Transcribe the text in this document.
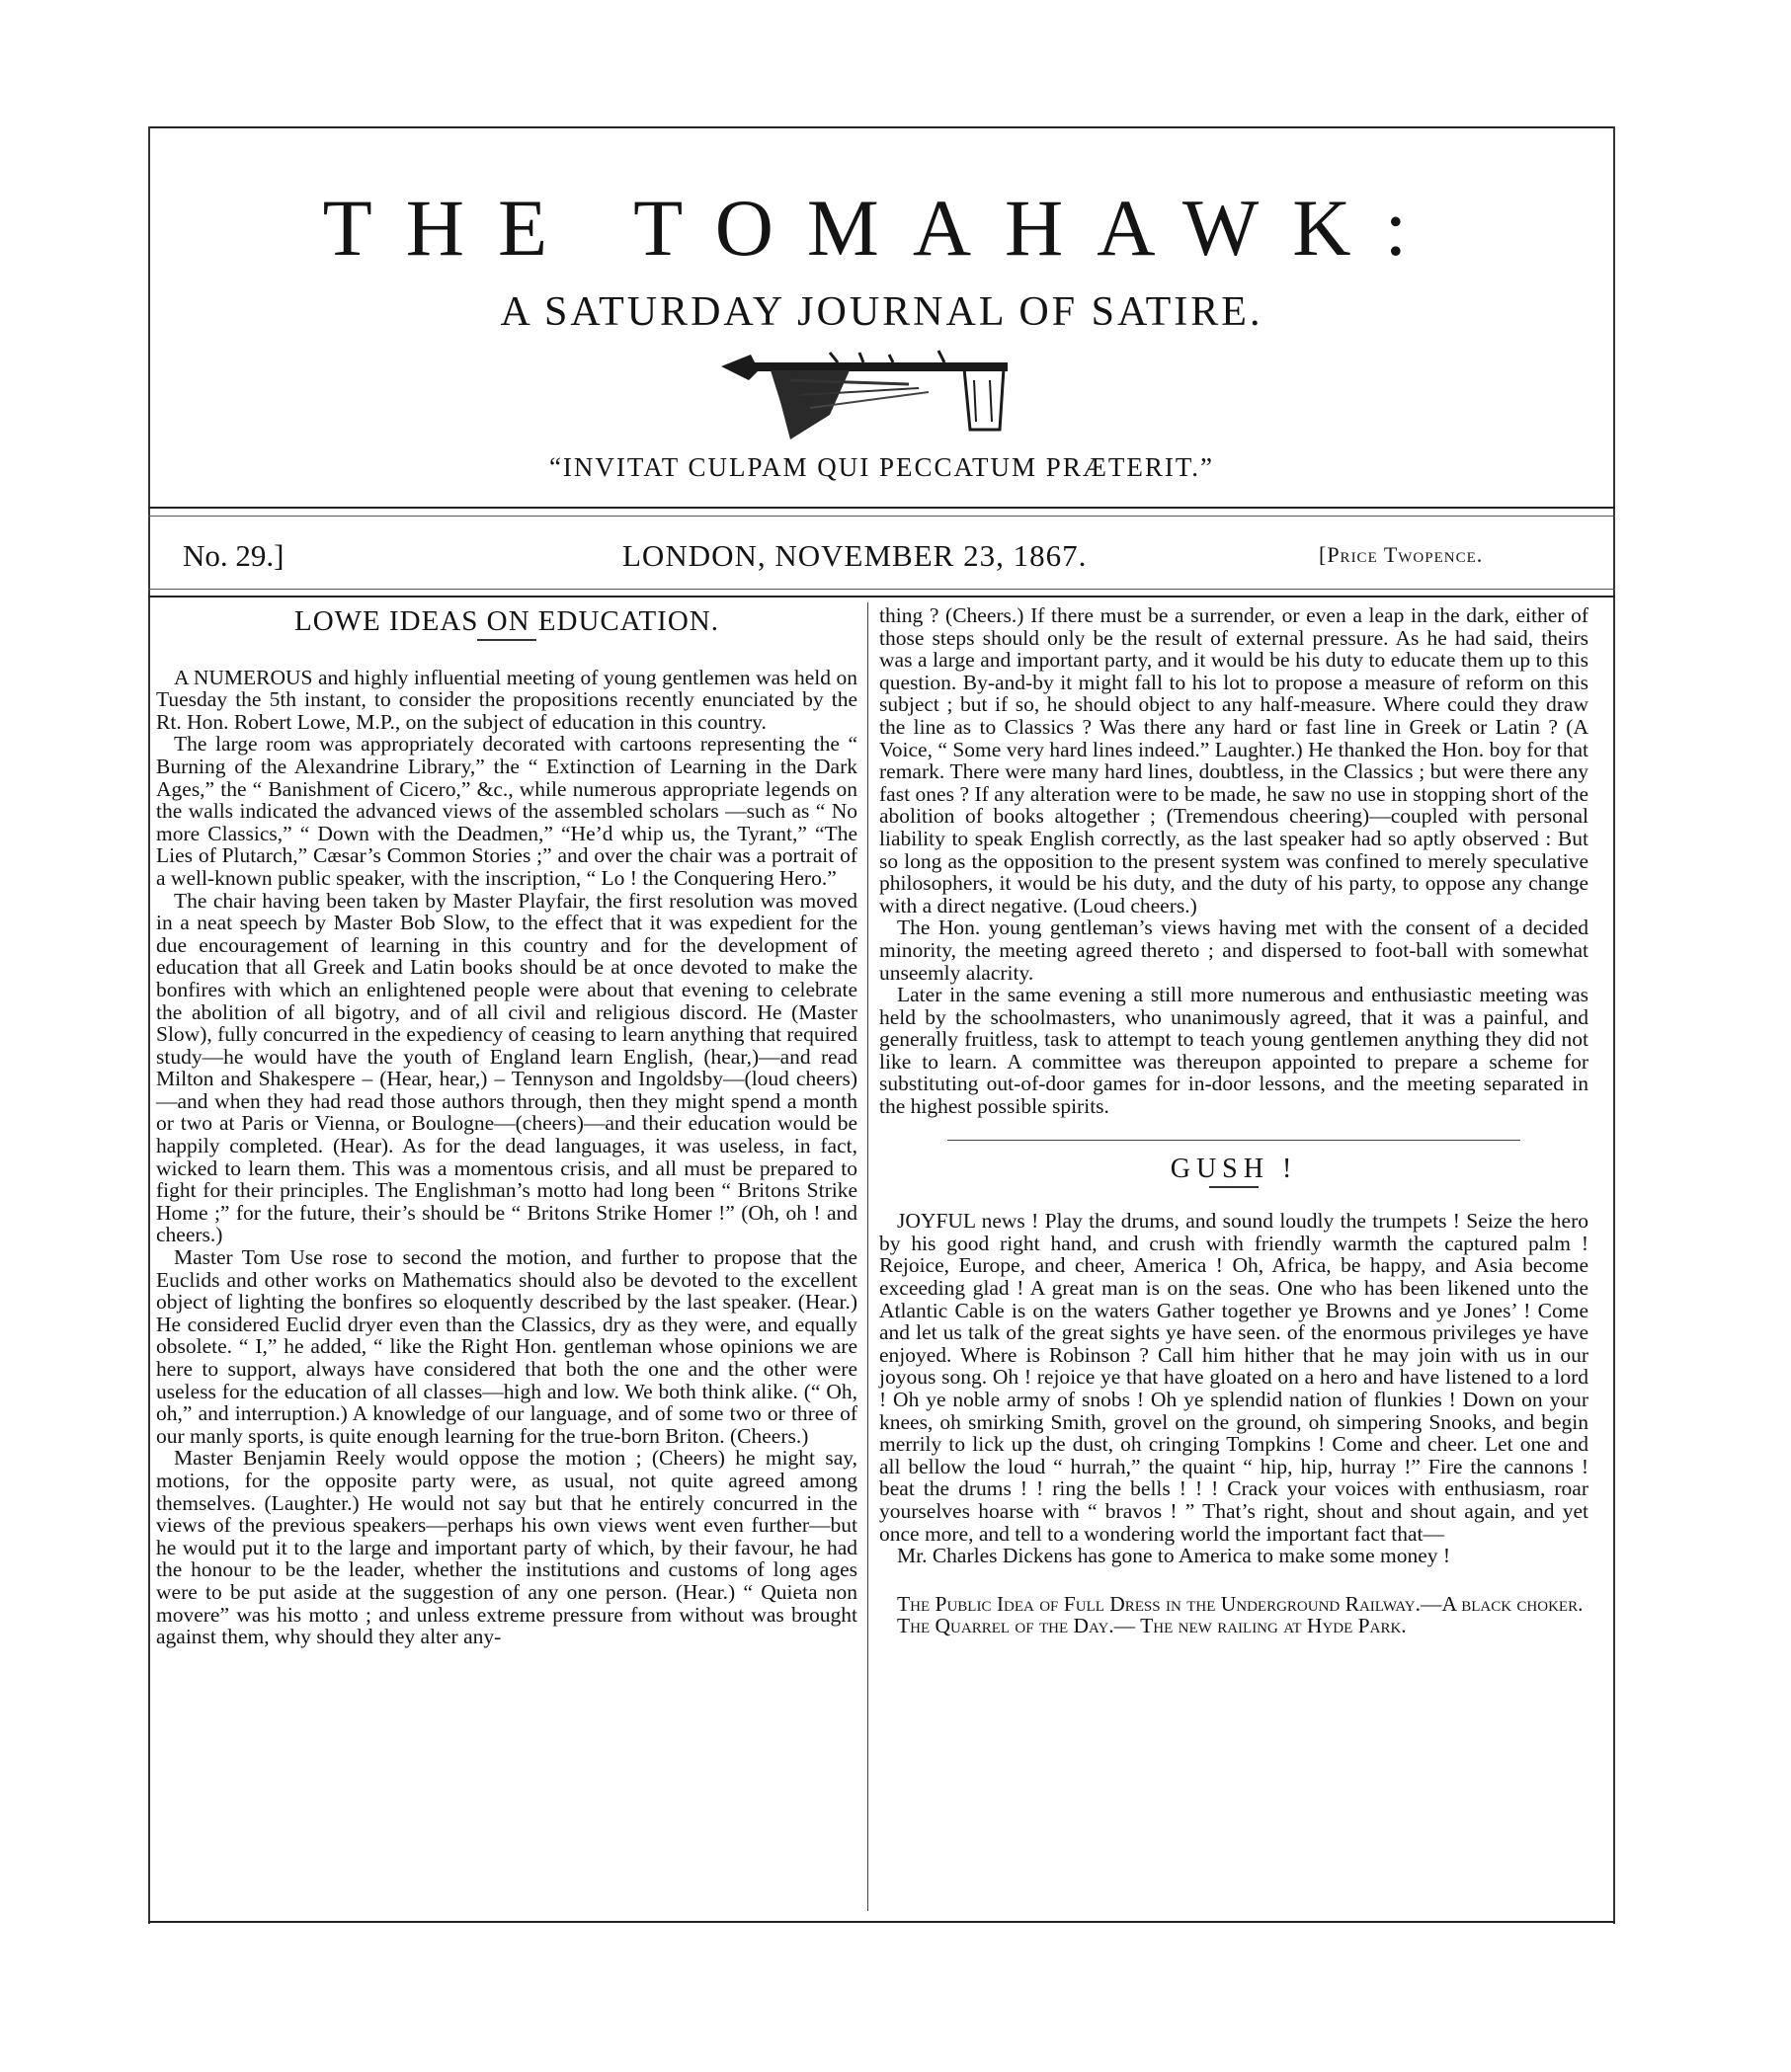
THE TOMAHAWK:
A SATURDAY JOURNAL OF SATIRE.
“INVITAT CULPAM QUI PECCATUM PRÆTERIT.”
No. 29.]	LONDON, NOVEMBER 23, 1867.	[Price Twopence.
LOWE IDEAS ON EDUCATION.

A NUMEROUS and highly influential meeting of young gentlemen was held on Tuesday the 5th instant, to consider the propositions recently enunciated by the Rt. Hon. Robert Lowe, M.P., on the subject of education in this country.

The large room was appropriately decorated with cartoons representing the “ Burning of the Alexandrine Library,” the “ Extinction of Learning in the Dark Ages,” the “ Banishment of Cicero,” &c., while numerous appropriate legends on the walls indicated the advanced views of the assembled scholars —such as “ No more Classics,” “ Down with the Deadmen,” “He’d whip us, the Tyrant,” “The Lies of Plutarch,” Cæsar’s Common Stories ;” and over the chair was a portrait of a well-known public speaker, with the inscription, “ Lo ! the Conquering Hero.”

The chair having been taken by Master Playfair, the first resolution was moved in a neat speech by Master Bob Slow, to the effect that it was expedient for the due encouragement of learning in this country and for the development of education that all Greek and Latin books should be at once devoted to make the bonfires with which an enlightened people were about that evening to celebrate the abolition of all bigotry, and of all civil and religious discord. He (Master Slow), fully concurred in the expediency of ceasing to learn anything that required study—he would have the youth of England learn English, (hear,)—and read Milton and Shakespere – (Hear, hear,) – Tennyson and Ingoldsby—(loud cheers)—and when they had read those authors through, then they might spend a month or two at Paris or Vienna, or Boulogne—(cheers)—and their education would be happily completed. (Hear). As for the dead languages, it was useless, in fact, wicked to learn them. This was a momentous crisis, and all must be prepared to fight for their principles. The Englishman’s motto had long been “ Britons Strike Home ;” for the future, their’s should be “ Britons Strike Homer !” (Oh, oh ! and cheers.)

Master Tom Use rose to second the motion, and further to propose that the Euclids and other works on Mathematics should also be devoted to the excellent object of lighting the bonfires so eloquently described by the last speaker. (Hear.) He considered Euclid dryer even than the Classics, dry as they were, and equally obsolete. “ I,” he added, “ like the Right Hon. gentleman whose opinions we are here to support, always have considered that both the one and the other were useless for the education of all classes—high and low. We both think alike. (“ Oh, oh,” and interruption.) A knowledge of our language, and of some two or three of our manly sports, is quite enough learning for the true-born Briton. (Cheers.)

Master Benjamin Reely would oppose the motion ; (Cheers) he might say, motions, for the opposite party were, as usual, not quite agreed among themselves. (Laughter.) He would not say but that he entirely concurred in the views of the previous speakers—perhaps his own views went even further—but he would put it to the large and important party of which, by their favour, he had the honour to be the leader, whether the institutions and customs of long ages were to be put aside at the suggestion of any one person. (Hear.) “ Quieta non movere” was his motto ; and unless extreme pressure from without was brought against them, why should they alter any-

thing ? (Cheers.) If there must be a surrender, or even a leap in the dark, either of those steps should only be the result of external pressure. As he had said, theirs was a large and important party, and it would be his duty to educate them up to this question. By-and-by it might fall to his lot to propose a measure of reform on this subject ; but if so, he should object to any half-measure. Where could they draw the line as to Classics ? Was there any hard or fast line in Greek or Latin ? (A Voice, “ Some very hard lines indeed.” Laughter.) He thanked the Hon. boy for that remark. There were many hard lines, doubtless, in the Classics ; but were there any fast ones ? If any alteration were to be made, he saw no use in stopping short of the abolition of books altogether ; (Tremendous cheering)—coupled with personal liability to speak English correctly, as the last speaker had so aptly observed : But so long as the opposition to the present system was confined to merely speculative philosophers, it would be his duty, and the duty of his party, to oppose any change with a direct negative. (Loud cheers.)

The Hon. young gentleman’s views having met with the consent of a decided minority, the meeting agreed thereto ; and dispersed to foot-ball with somewhat unseemly alacrity.

Later in the same evening a still more numerous and enthusiastic meeting was held by the schoolmasters, who unanimously agreed, that it was a painful, and generally fruitless, task to attempt to teach young gentlemen anything they did not like to learn. A committee was thereupon appointed to prepare a scheme for substituting out-of-door games for in-door lessons, and the meeting separated in the highest possible spirits.

GUSH !

JOYFUL news ! Play the drums, and sound loudly the trumpets ! Seize the hero by his good right hand, and crush with friendly warmth the captured palm ! Rejoice, Europe, and cheer, America ! Oh, Africa, be happy, and Asia become exceeding glad ! A great man is on the seas. One who has been likened unto the Atlantic Cable is on the waters Gather together ye Browns and ye Jones’ ! Come and let us talk of the great sights ye have seen. of the enormous privileges ye have enjoyed. Where is Robinson ? Call him hither that he may join with us in our joyous song. Oh ! rejoice ye that have gloated on a hero and have listened to a lord ! Oh ye noble army of snobs ! Oh ye splendid nation of flunkies ! Down on your knees, oh smirking Smith, grovel on the ground, oh simpering Snooks, and begin merrily to lick up the dust, oh cringing Tompkins ! Come and cheer. Let one and all bellow the loud “ hurrah,” the quaint “ hip, hip, hurray !” Fire the cannons ! beat the drums ! ! ring the bells ! ! ! Crack your voices with enthusiasm, roar yourselves hoarse with “ bravos ! ” That’s right, shout and shout again, and yet once more, and tell to a wondering world the important fact that—

Mr. Charles Dickens has gone to America to make some money !

The Public Idea of Full Dress in the Underground Railway.—A black choker.

The Quarrel of the Day.— The new railing at Hyde Park.
